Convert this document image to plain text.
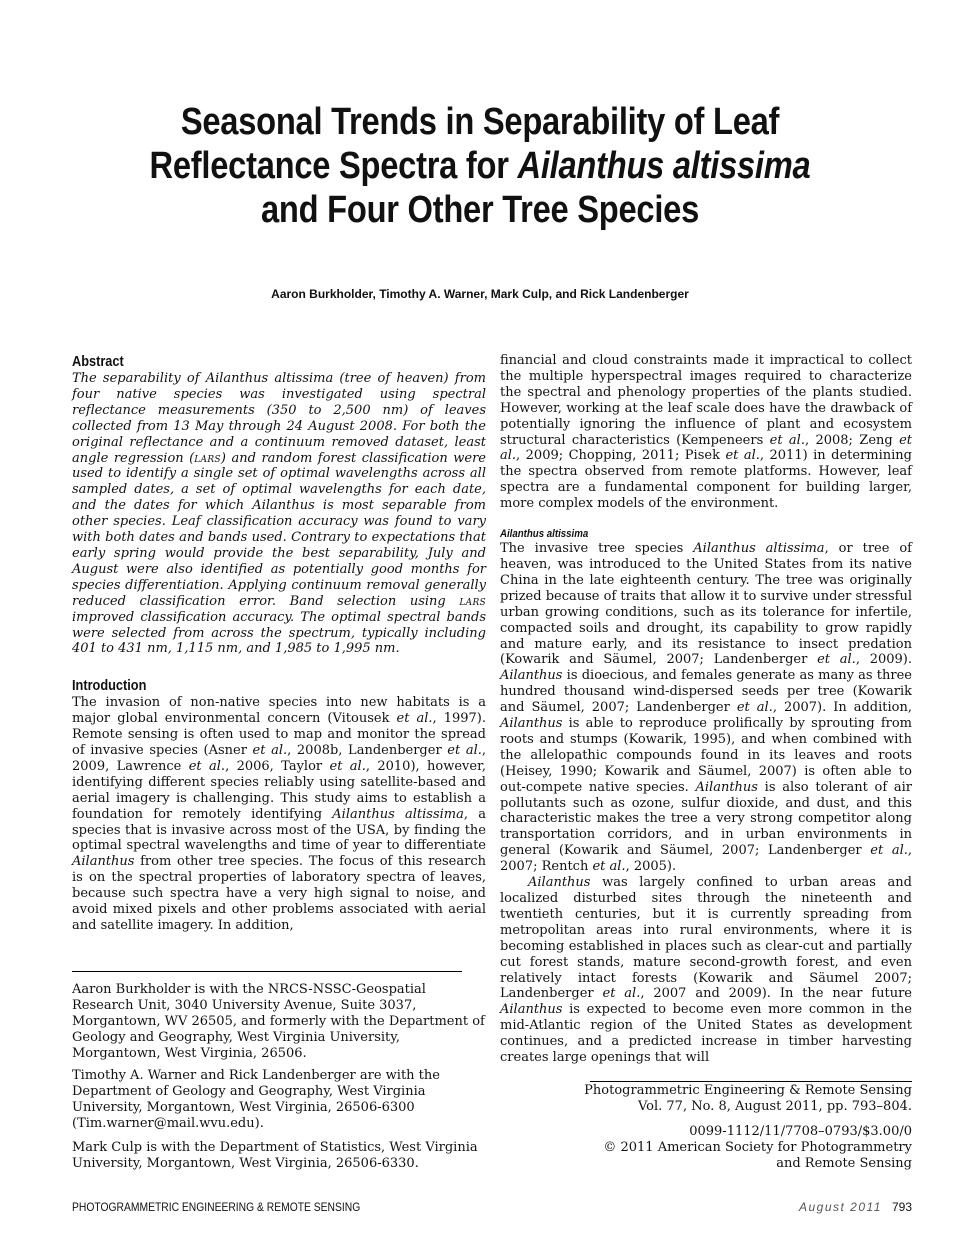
Seasonal Trends in Separability of Leaf
Reflectance Spectra for Ailanthus altissima
and Four Other Tree Species

Aaron Burkholder, Timothy A. Warner, Mark Culp, and Rick Landenberger

Abstract

The separability of Ailanthus altissima (tree of heaven) from four native species was investigated using spectral reflectance measurements (350 to 2,500 nm) of leaves collected from 13 May through 24 August 2008. For both the original reflectance and a continuum removed dataset, least angle regression (lars) and random forest classification were used to identify a single set of optimal wavelengths across all sampled dates, a set of optimal wavelengths for each date, and the dates for which Ailanthus is most separable from other species. Leaf classification accuracy was found to vary with both dates and bands used. Contrary to expectations that early spring would provide the best separability, July and August were also identified as potentially good months for species differentiation. Applying continuum removal generally reduced classification error. Band selection using lars improved classification accuracy. The optimal spectral bands were selected from across the spectrum, typically including 401 to 431 nm, 1,115 nm, and 1,985 to 1,995 nm.

Introduction

The invasion of non-native species into new habitats is a major global environmental concern (Vitousek et al., 1997). Remote sensing is often used to map and monitor the spread of invasive species (Asner et al., 2008b, Landenberger et al., 2009, Lawrence et al., 2006, Taylor et al., 2010), however, identifying different species reliably using satellite-based and aerial imagery is challenging. This study aims to establish a foundation for remotely identifying Ailanthus altissima, a species that is invasive across most of the USA, by finding the optimal spectral wavelengths and time of year to differentiate Ailanthus from other tree species. The focus of this research is on the spectral properties of laboratory spectra of leaves, because such spectra have a very high signal to noise, and avoid mixed pixels and other problems associated with aerial and satellite imagery. In addition,

financial and cloud constraints made it impractical to collect the multiple hyperspectral images required to characterize the spectral and phenology properties of the plants studied. However, working at the leaf scale does have the drawback of potentially ignoring the influence of plant and ecosystem structural characteristics (Kempeneers et al., 2008; Zeng et al., 2009; Chopping, 2011; Pisek et al., 2011) in determining the spectra observed from remote platforms. However, leaf spectra are a fundamental component for building larger, more complex models of the environment.

Ailanthus altissima

The invasive tree species Ailanthus altissima, or tree of heaven, was introduced to the United States from its native China in the late eighteenth century. The tree was originally prized because of traits that allow it to survive under stressful urban growing conditions, such as its tolerance for infertile, compacted soils and drought, its capability to grow rapidly and mature early, and its resistance to insect predation (Kowarik and Säumel, 2007; Landenberger et al., 2009). Ailanthus is dioecious, and females generate as many as three hundred thousand wind-dispersed seeds per tree (Kowarik and Säumel, 2007; Landenberger et al., 2007). In addition, Ailanthus is able to reproduce prolifically by sprouting from roots and stumps (Kowarik, 1995), and when combined with the allelopathic compounds found in its leaves and roots (Heisey, 1990; Kowarik and Säumel, 2007) is often able to out-compete native species. Ailanthus is also tolerant of air pollutants such as ozone, sulfur dioxide, and dust, and this characteristic makes the tree a very strong competitor along transportation corridors, and in urban environments in general (Kowarik and Säumel, 2007; Landenberger et al., 2007; Rentch et al., 2005).

Ailanthus was largely confined to urban areas and localized disturbed sites through the nineteenth and twentieth centuries, but it is currently spreading from metropolitan areas into rural environments, where it is becoming established in places such as clear-cut and partially cut forest stands, mature second-growth forest, and even relatively intact forests (Kowarik and Säumel 2007; Landenberger et al., 2007 and 2009). In the near future Ailanthus is expected to become even more common in the mid-Atlantic region of the United States as development continues, and a predicted increase in timber harvesting creates large openings that will

Aaron Burkholder is with the NRCS-NSSC-Geospatial Research Unit, 3040 University Avenue, Suite 3037, Morgantown, WV 26505, and formerly with the Department of Geology and Geography, West Virginia University, Morgantown, West Virginia, 26506.

Timothy A. Warner and Rick Landenberger are with the Department of Geology and Geography, West Virginia University, Morgantown, West Virginia, 26506-6300 (Tim.warner@mail.wvu.edu).

Mark Culp is with the Department of Statistics, West Virginia University, Morgantown, West Virginia, 26506-6330.

Photogrammetric Engineering & Remote Sensing

Vol. 77, No. 8, August 2011, pp. 793–804.

0099-1112/11/7708–0793/$3.00/0

© 2011 American Society for Photogrammetry

and Remote Sensing

PHOTOGRAMMETRIC ENGINEERING & REMOTE SENSING	August 2011 793
